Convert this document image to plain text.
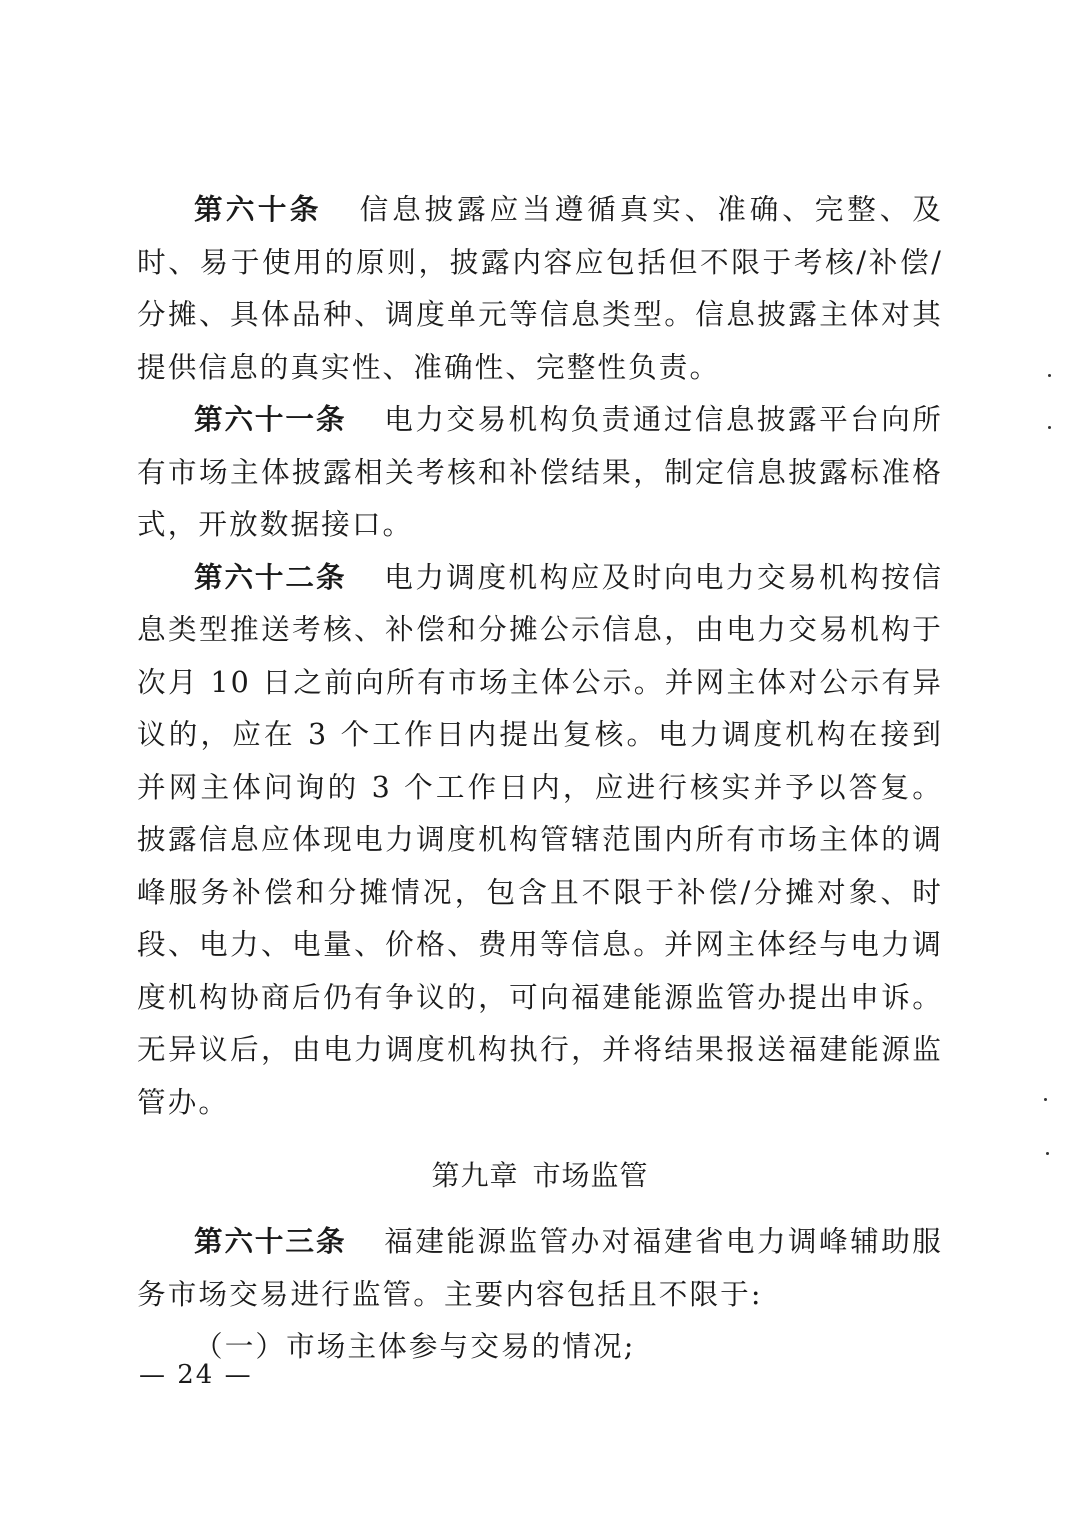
第六十条 信息披露应当遵循真实、准确、完整、及时、易于使用的原则，披露内容应包括但不限于考核/补偿/分摊、具体品种、调度单元等信息类型。信息披露主体对其提供信息的真实性、准确性、完整性负责。

第六十一条 电力交易机构负责通过信息披露平台向所有市场主体披露相关考核和补偿结果，制定信息披露标准格式，开放数据接口。

第六十二条 电力调度机构应及时向电力交易机构按信息类型推送考核、补偿和分摊公示信息，由电力交易机构于次月 10 日之前向所有市场主体公示。并网主体对公示有异议的，应在 3 个工作日内提出复核。电力调度机构在接到并网主体问询的 3 个工作日内，应进行核实并予以答复。披露信息应体现电力调度机构管辖范围内所有市场主体的调峰服务补偿和分摊情况，包含且不限于补偿/分摊对象、时段、电力、电量、价格、费用等信息。并网主体经与电力调度机构协商后仍有争议的，可向福建能源监管办提出申诉。无异议后，由电力调度机构执行，并将结果报送福建能源监管办。

第九章 市场监管

第六十三条 福建能源监管办对福建省电力调峰辅助服务市场交易进行监管。主要内容包括且不限于:

（一）市场主体参与交易的情况;

— 24 —
